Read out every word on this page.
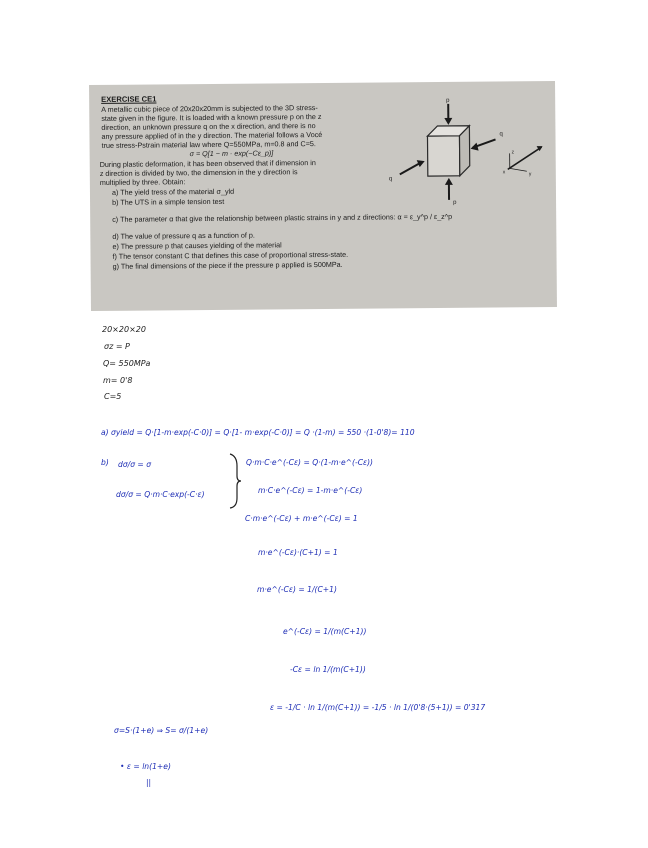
EXERCISE CE1
A metallic cubic piece of 20x20x20mm is subjected to the 3D stress-
state given in the figure. It is loaded with a known pressure p on the z
direction, an unknown pressure q on the x direction, and there is no
any pressure applied of in the y direction. The material follows a Vocé
true stress-Pstrain material law where Q=550MPa, m=0.8 and C=5.
σ = Q[1 − m · exp(−Cε_p)]
During plastic deformation, it has been observed that if dimension in
z direction is divided by two, the dimension in the y direction is
multiplied by three. Obtain:
a) The yield tress of the material σ_yld
b) The UTS in a simple tension test
c) The parameter α that give the relationship between plastic strains in y and z directions: α = ε_y^p / ε_z^p
d) The value of pressure q as a function of p.
e) The pressure p that causes yielding of the material
f) The tensor constant C that defines this case of proportional stress-state.
g) The final dimensions of the piece if the pressure p applied is 500MPa.
p
q
q
p
x	y
z
20×20×20
σz = P
Q= 550MPa
m= 0'8
C=5
a) σyield = Q·[1-m·exp(-C·0)] = Q·[1- m·exp(-C·0)] = Q ·(1-m) = 550 ·(1-0'8)= 110
b) dσ/σ = σ
dσ/σ = Q·m·C·exp(-C·ε)
Q·m·C·e^(-Cε) = Q·(1-m·e^(-Cε))
m·C·e^(-Cε) = 1-m·e^(-Cε)
C·m·e^(-Cε) + m·e^(-Cε) = 1
m·e^(-Cε)·(C+1) = 1
m·e^(-Cε) = 1/(C+1)
e^(-Cε) = 1/(m(C+1))
-Cε = ln 1/(m(C+1))
ε = -1/C · ln 1/(m(C+1)) = -1/5 · ln 1/(0'8·(5+1)) = 0'317
σ=S·(1+e) ⇒ S= σ/(1+e)
• ε = ln(1+e)
||
